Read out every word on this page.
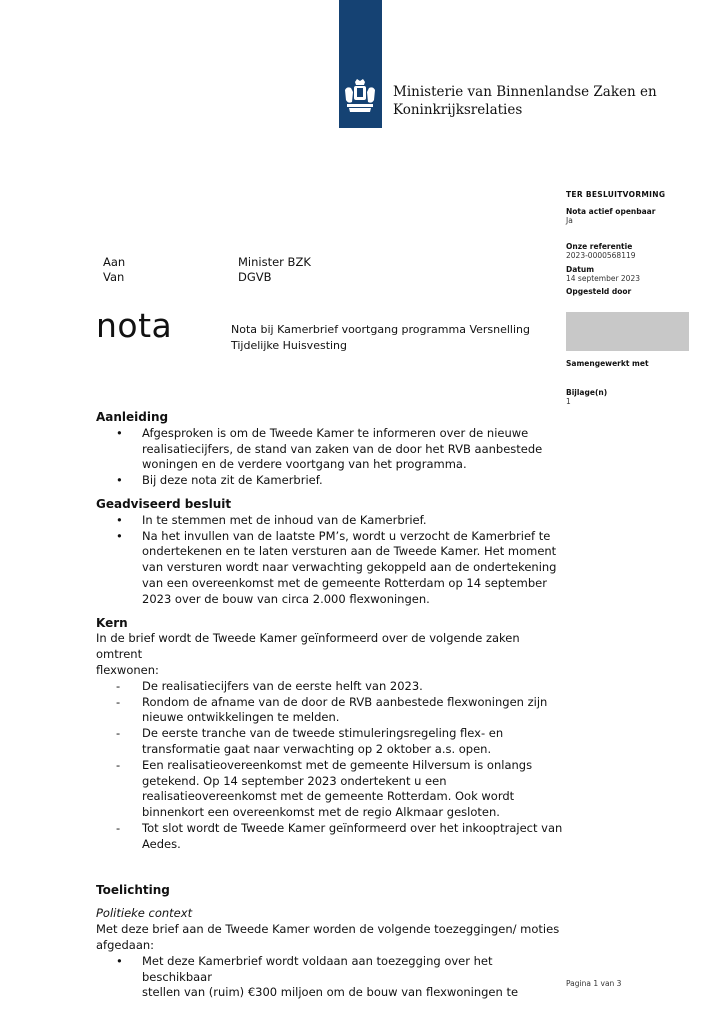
Ministerie van Binnenlandse Zaken en
Koninkrijksrelaties
TER BESLUITVORMING
Nota actief openbaar
Ja
Onze referentie
2023-0000568119
Datum
14 september 2023
Opgesteld door
Samengewerkt met
Bijlage(n)
1
Aan	Minister BZK
Van	DGVB
nota	Nota bij Kamerbrief voortgang programma Versnelling
Tijdelijke Huisvesting
Aanleiding
• Afgesproken is om de Tweede Kamer te informeren over de nieuwe
realisatiecijfers, de stand van zaken van de door het RVB aanbestede
woningen en de verdere voortgang van het programma.
• Bij deze nota zit de Kamerbrief.
Geadviseerd besluit
• In te stemmen met de inhoud van de Kamerbrief.
• Na het invullen van de laatste PM’s, wordt u verzocht de Kamerbrief te
ondertekenen en te laten versturen aan de Tweede Kamer. Het moment
van versturen wordt naar verwachting gekoppeld aan de ondertekening
van een overeenkomst met de gemeente Rotterdam op 14 september
2023 over de bouw van circa 2.000 flexwoningen.
Kern
In de brief wordt de Tweede Kamer geïnformeerd over de volgende zaken omtrent
flexwonen:
- De realisatiecijfers van de eerste helft van 2023.
- Rondom de afname van de door de RVB aanbestede flexwoningen zijn
nieuwe ontwikkelingen te melden.
- De eerste tranche van de tweede stimuleringsregeling flex- en
transformatie gaat naar verwachting op 2 oktober a.s. open.
- Een realisatieovereenkomst met de gemeente Hilversum is onlangs
getekend. Op 14 september 2023 ondertekent u een
realisatieovereenkomst met de gemeente Rotterdam. Ook wordt
binnenkort een overeenkomst met de regio Alkmaar gesloten.
- Tot slot wordt de Tweede Kamer geïnformeerd over het inkooptraject van
Aedes.
Toelichting
Politieke context
Met deze brief aan de Tweede Kamer worden de volgende toezeggingen/ moties
afgedaan:
• Met deze Kamerbrief wordt voldaan aan toezegging over het beschikbaar
stellen van (ruim) €300 miljoen om de bouw van flexwoningen te
Pagina 1 van 3
